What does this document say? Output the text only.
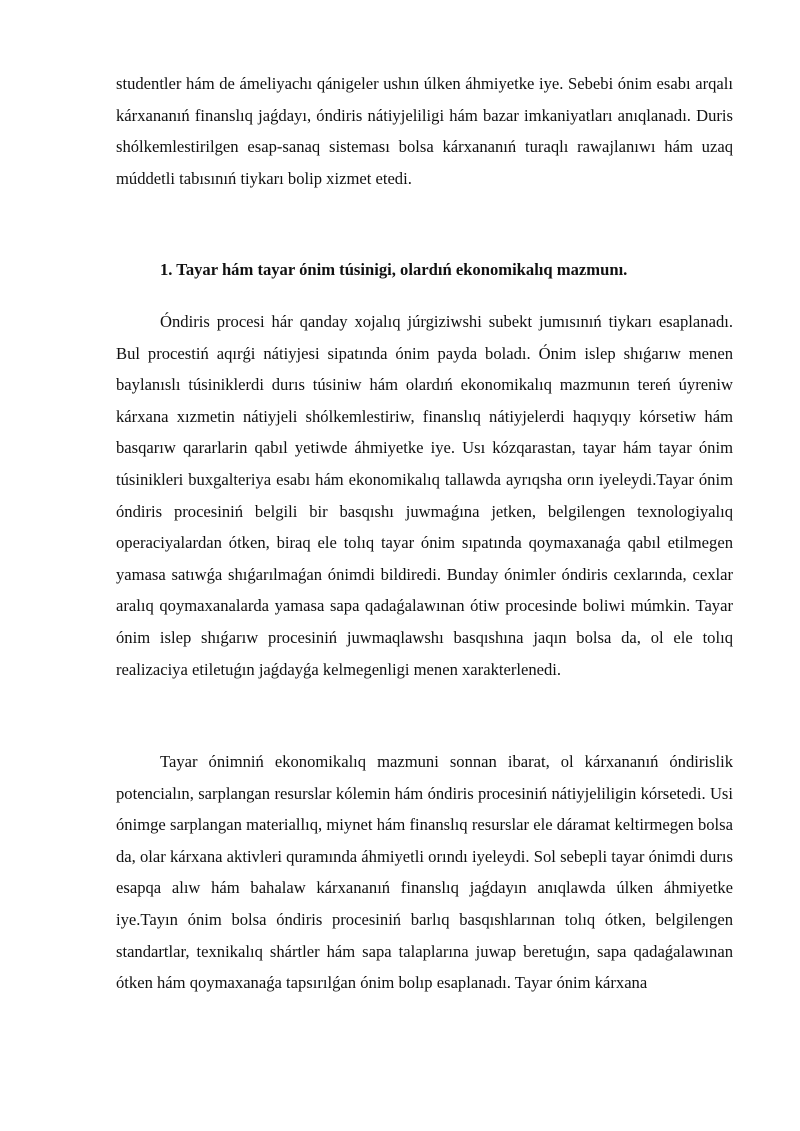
studentler hám de ámeliyachı qánigeler ushın úlken áhmiyetke iye. Sebebi ónim esabı arqalı kárxananıń finanslıq jaǵdayı, óndiris nátiyjeliligi hám bazar imkaniyatları anıqlanadı. Duris shólkemlestirilgen esap-sanaq sisteması bolsa kárxananıń turaqlı rawajlanıwı hám uzaq múddetli tabısınıń tiykarı bolip xizmet etedi.

1. Tayar hám tayar ónim túsinigi, olardıń ekonomikalıq mazmunı.

Óndiris procesi hár qanday xojalıq júrgiziwshi subekt jumısınıń tiykarı esaplanadı. Bul procestiń aqırǵi nátiyjesi sipatında ónim payda boladı. Ónim islep shıǵarıw menen baylanıslı túsiniklerdi durıs túsiniw hám olardıń ekonomikalıq mazmunın tereń úyreniw kárxana xızmetin nátiyjeli shólkemlestiriw, finanslıq nátiyjelerdi haqıyqıy kórsetiw hám basqarıw qararlarin qabıl yetiwde áhmiyetke iye. Usı kózqarastan, tayar hám tayar ónim túsinikleri buxgalteriya esabı hám ekonomikalıq tallawda ayrıqsha orın iyeleydi.Tayar ónim óndiris procesiniń belgili bir basqıshı juwmaǵına jetken, belgilengen texnologiyalıq operaciyalardan ótken, biraq ele tolıq tayar ónim sıpatında qoymaxanaǵa qabıl etilmegen yamasa satıwǵa shıǵarılmaǵan ónimdi bildiredi. Bunday ónimler óndiris cexlarında, cexlar aralıq qoymaxanalarda yamasa sapa qadaǵalawınan ótiw procesinde boliwi múmkin. Tayar ónim islep shıǵarıw procesiniń juwmaqlawshı basqıshına jaqın bolsa da, ol ele tolıq realizaciya etiletuǵın jaǵdayǵa kelmegenligi menen xarakterlenedi.

Tayar ónimniń ekonomikalıq mazmuni sonnan ibarat, ol kárxananıń óndirislik potencialın, sarplangan resurslar kólemin hám óndiris procesiniń nátiyjeliligin kórsetedi. Usi ónimge sarplangan materiallıq, miynet hám finanslıq resurslar ele dáramat keltirmegen bolsa da, olar kárxana aktivleri quramında áhmiyetli orındı iyeleydi. Sol sebepli tayar ónimdi durıs esapqa alıw hám bahalaw kárxananıń finanslıq jaǵdayın anıqlawda úlken áhmiyetke iye.Tayın ónim bolsa óndiris procesiniń barlıq basqıshlarınan tolıq ótken, belgilengen standartlar, texnikalıq shártler hám sapa talaplarına juwap beretuǵın, sapa qadaǵalawınan ótken hám qoymaxanaǵa tapsırılǵan ónim bolıp esaplanadı. Tayar ónim kárxana
